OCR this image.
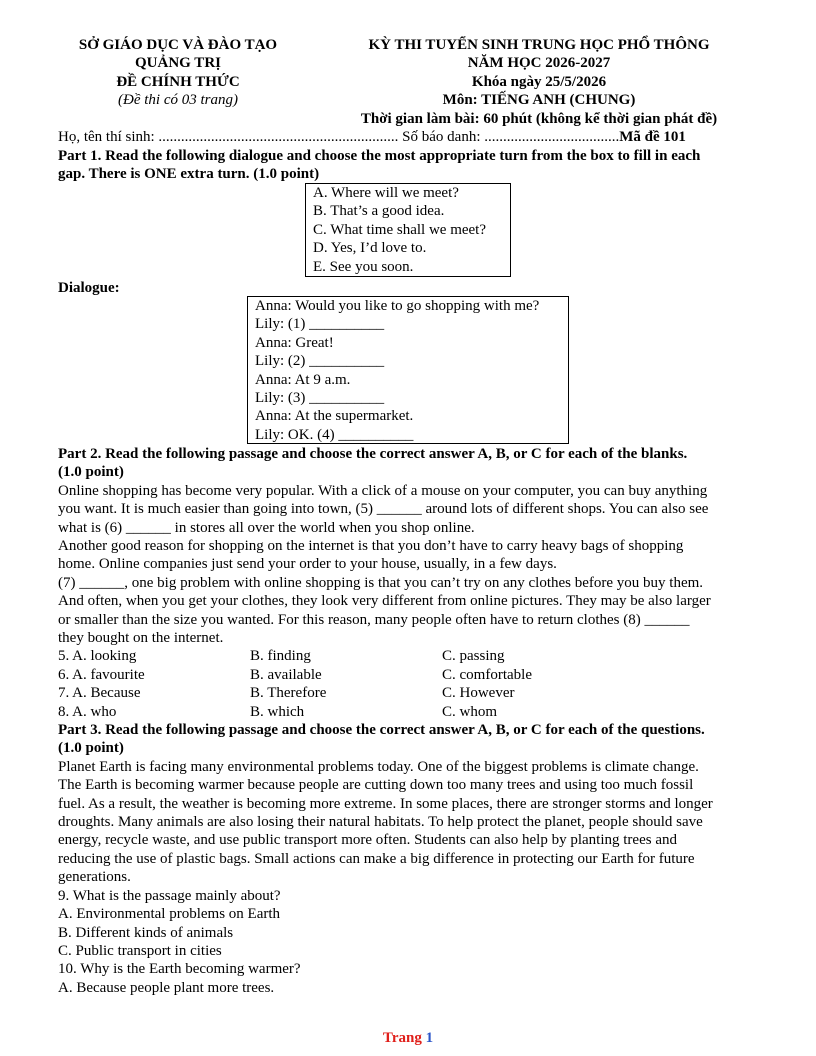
SỞ GIÁO DỤC VÀ ĐÀO TẠO
QUẢNG TRỊ
ĐỀ CHÍNH THỨC
(Đề thi có 03 trang)
KỲ THI TUYỂN SINH TRUNG HỌC PHỔ THÔNG
NĂM HỌC 2026-2027
Khóa ngày 25/5/2026
Môn: TIẾNG ANH (CHUNG)
Thời gian làm bài: 60 phút (không kể thời gian phát đề)
Họ, tên thí sinh: ................................................................ Số báo danh: ....................................Mã đề 101
Part 1. Read the following dialogue and choose the most appropriate turn from the box to fill in each
gap. There is ONE extra turn. (1.0 point)
A. Where will we meet?
B. That’s a good idea.
C. What time shall we meet?
D. Yes, I’d love to.
E. See you soon.
Dialogue:
Anna: Would you like to go shopping with me?
Lily: (1) __________
Anna: Great!
Lily: (2) __________
Anna: At 9 a.m.
Lily: (3) __________
Anna: At the supermarket.
Lily: OK. (4) __________

Part 2. Read the following passage and choose the correct answer A, B, or C for each of the blanks.

(1.0 point)

Online shopping has become very popular. With a click of a mouse on your computer, you can buy anything

you want. It is much easier than going into town, (5) ______ around lots of different shops. You can also see

what is (6) ______ in stores all over the world when you shop online.

Another good reason for shopping on the internet is that you don’t have to carry heavy bags of shopping

home. Online companies just send your order to your house, usually, in a few days.

(7) ______, one big problem with online shopping is that you can’t try on any clothes before you buy them.

And often, when you get your clothes, they look very different from online pictures. They may be also larger

or smaller than the size you wanted. For this reason, many people often have to return clothes (8) ______

they bought on the internet.

5. A. looking	B. finding	C. passing
6. A. favourite	B. available	C. comfortable
7. A. Because	B. Therefore	C. However
8. A. who	B. which	C. whom

Part 3. Read the following passage and choose the correct answer A, B, or C for each of the questions.

(1.0 point)

Planet Earth is facing many environmental problems today. One of the biggest problems is climate change.

The Earth is becoming warmer because people are cutting down too many trees and using too much fossil

fuel. As a result, the weather is becoming more extreme. In some places, there are stronger storms and longer

droughts. Many animals are also losing their natural habitats. To help protect the planet, people should save

energy, recycle waste, and use public transport more often. Students can also help by planting trees and

reducing the use of plastic bags. Small actions can make a big difference in protecting our Earth for future

generations.

9. What is the passage mainly about?

A. Environmental problems on Earth

B. Different kinds of animals

C. Public transport in cities

10. Why is the Earth becoming warmer?

A. Because people plant more trees.

Trang 1
